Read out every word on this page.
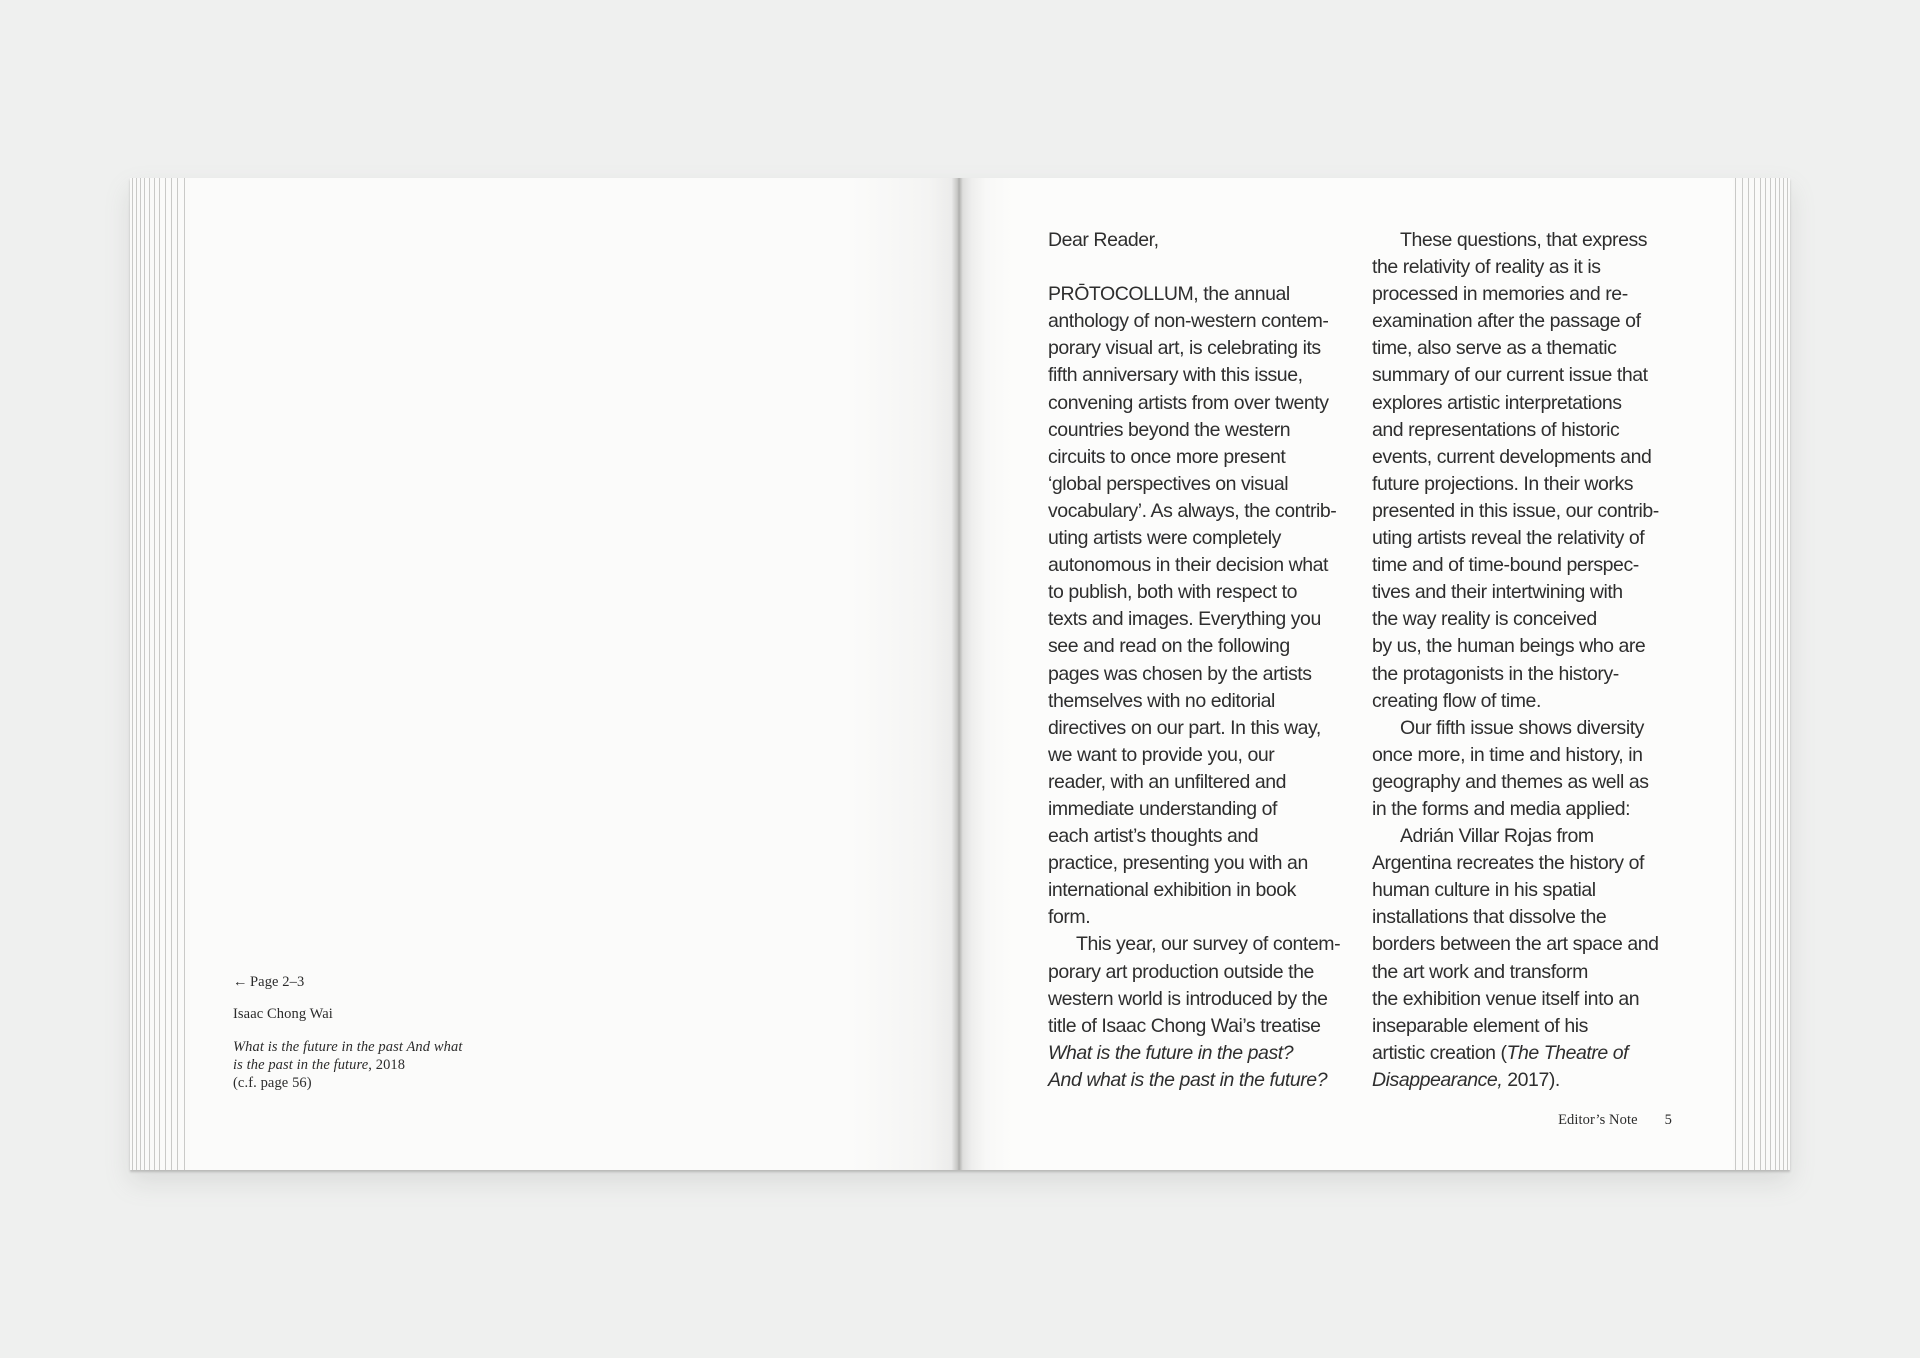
← Page 2–3
Isaac Chong Wai
What is the future in the past And what
is the past in the future, 2018
(c.f. page 56)
Dear Reader,

PRŌTOCOLLUM, the annual
anthology of non-western contem-
porary visual art, is celebrating its
fifth anniversary with this issue,
convening artists from over twenty
countries beyond the western
circuits to once more present
‘global perspectives on visual
vocabulary’. As always, the contrib-
uting artists were completely
autonomous in their decision what
to publish, both with respect to
texts and images. Everything you
see and read on the following
pages was chosen by the artists
themselves with no editorial
directives on our part. In this way,
we want to provide you, our
reader, with an unfiltered and
immediate understanding of
each artist’s thoughts and
practice, presenting you with an
international exhibition in book
form.
This year, our survey of contem-
porary art production outside the
western world is introduced by the
title of Isaac Chong Wai’s treatise
What is the future in the past?
And what is the past in the future?
These questions, that express
the relativity of reality as it is
processed in memories and re-
examination after the passage of
time, also serve as a thematic
summary of our current issue that
explores artistic interpretations
and representations of historic
events, current developments and
future projections. In their works
presented in this issue, our contrib-
uting artists reveal the relativity of
time and of time-bound perspec-
tives and their intertwining with
the way reality is conceived
by us, the human beings who are
the protagonists in the history-
creating flow of time.
Our fifth issue shows diversity
once more, in time and history, in
geography and themes as well as
in the forms and media applied:
Adrián Villar Rojas from
Argentina recreates the history of
human culture in his spatial
installations that dissolve the
borders between the art space and
the art work and transform
the exhibition venue itself into an
inseparable element of his
artistic creation (The Theatre of
Disappearance, 2017).
Editor’s Note 5
